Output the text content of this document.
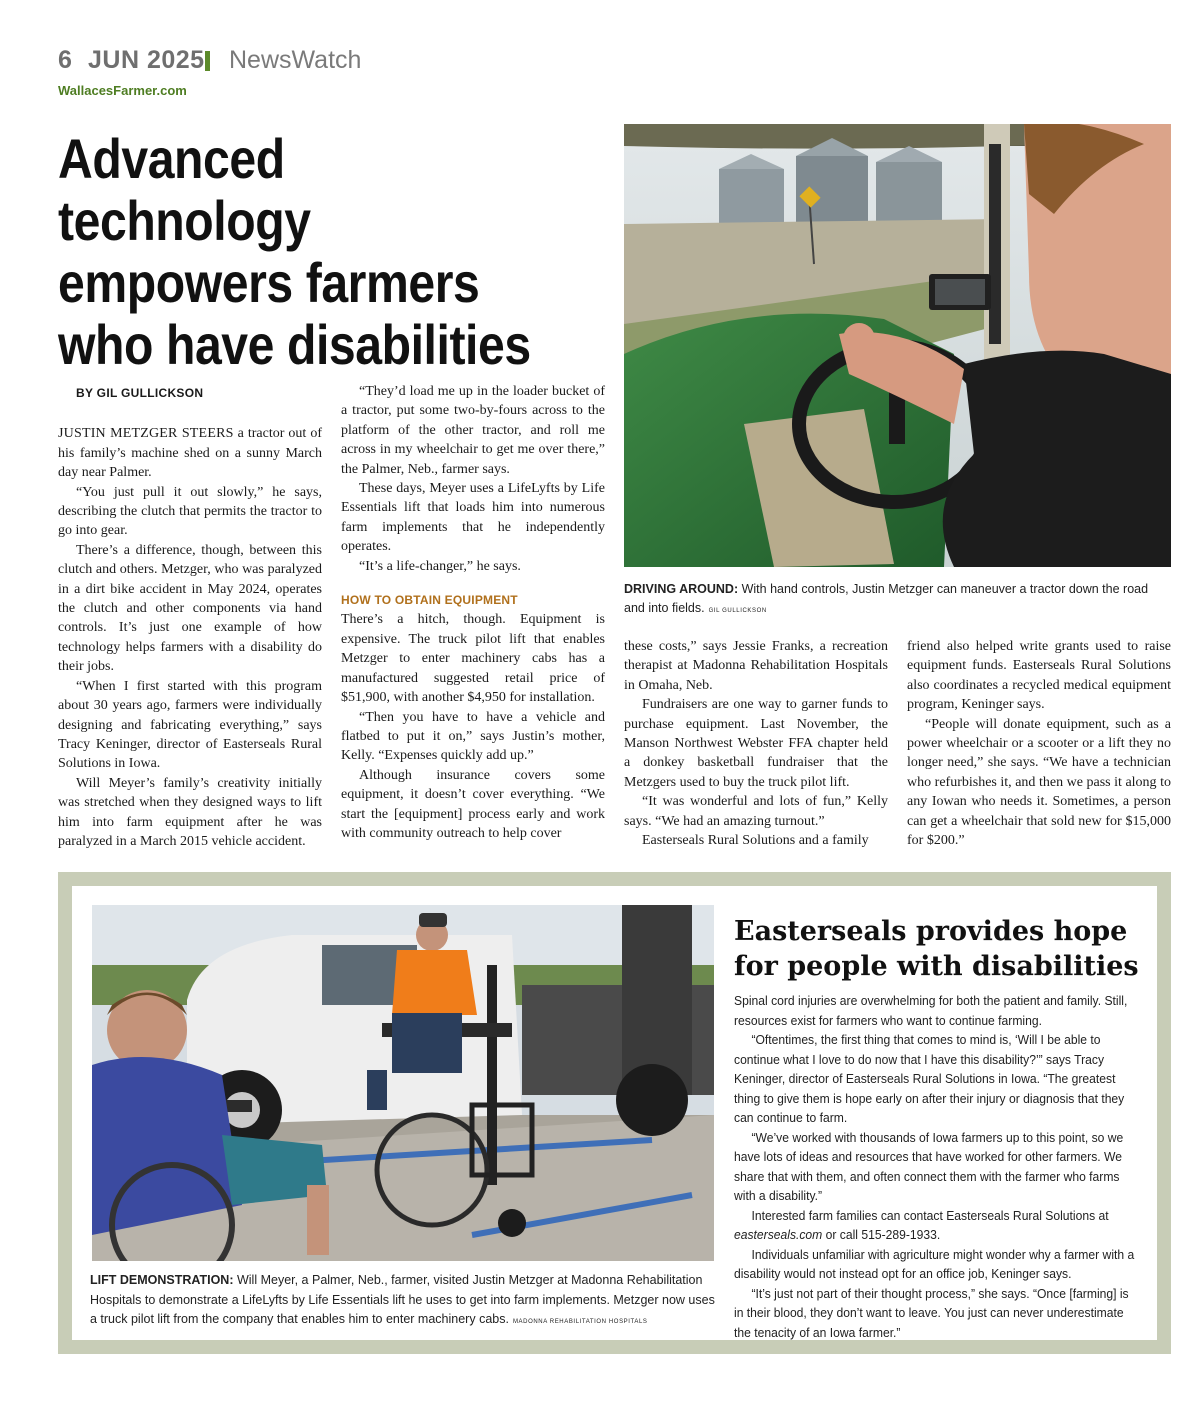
6 JUN 2025 NewsWatch
WallacesFarmer.com
Advanced technology
empowers farmers
who have disabilities
DRIVING AROUND: With hand controls, Justin Metzger can maneuver a tractor down the road and into fields. GIL GULLICKSON

BY GIL GULLICKSON

JUSTIN METZGER STEERS a tractor out of his family’s machine shed on a sunny March day near Palmer.

“You just pull it out slowly,” he says, describing the clutch that permits the tractor to go into gear.

There’s a difference, though, between this clutch and others. Metzger, who was paralyzed in a dirt bike accident in May 2024, operates the clutch and other components via hand controls. It’s just one example of how technology helps farmers with a disability do their jobs.

“When I first started with this program about 30 years ago, farmers were individually designing and fabricating everything,” says Tracy Keninger, director of Easterseals Rural Solutions in Iowa.

Will Meyer’s family’s creativity initially was stretched when they designed ways to lift him into farm equipment after he was paralyzed in a March 2015 vehicle accident.

“They’d load me up in the loader bucket of a tractor, put some two-by-fours across to the platform of the other tractor, and roll me across in my wheelchair to get me over there,” the Palmer, Neb., farmer says.

These days, Meyer uses a LifeLyfts by Life Essentials lift that loads him into numerous farm implements that he independently operates.

“It’s a life-changer,” he says.

HOW TO OBTAIN EQUIPMENT

There’s a hitch, though. Equipment is expensive. The truck pilot lift that enables Metzger to enter machinery cabs has a manufactured suggested retail price of $51,900, with another $4,950 for installation.

“Then you have to have a vehicle and flatbed to put it on,” says Justin’s mother, Kelly. “Expenses quickly add up.”

Although insurance covers some equipment, it doesn’t cover everything. “We start the [equipment] process early and work with community outreach to help cover

these costs,” says Jessie Franks, a recreation therapist at Madonna Rehabilitation Hospitals in Omaha, Neb.

Fundraisers are one way to garner funds to purchase equipment. Last November, the Manson Northwest Webster FFA chapter held a donkey basketball fundraiser that the Metzgers used to buy the truck pilot lift.

“It was wonderful and lots of fun,” Kelly says. “We had an amazing turnout.”

Easterseals Rural Solutions and a family

friend also helped write grants used to raise equipment funds. Easterseals Rural Solutions also coordinates a recycled medical equipment program, Keninger says.

“People will donate equipment, such as a power wheelchair or a scooter or a lift they no longer need,” she says. “We have a technician who refurbishes it, and then we pass it along to any Iowan who needs it. Sometimes, a person can get a wheelchair that sold new for $15,000 for $200.”

LIFT DEMONSTRATION: Will Meyer, a Palmer, Neb., farmer, visited Justin Metzger at Madonna Rehabilitation Hospitals to demonstrate a LifeLyfts by Life Essentials lift he uses to get into farm implements. Metzger now uses a truck pilot lift from the company that enables him to enter machinery cabs. MADONNA REHABILITATION HOSPITALS
Easterseals provides hope
for people with disabilities

Spinal cord injuries are overwhelming for both the patient and family. Still, resources exist for farmers who want to continue farming.

“Oftentimes, the first thing that comes to mind is, ‘Will I be able to continue what I love to do now that I have this disability?’” says Tracy Keninger, director of Easterseals Rural Solutions in Iowa. “The greatest thing to give them is hope early on after their injury or diagnosis that they can continue to farm.

“We’ve worked with thousands of Iowa farmers up to this point, so we have lots of ideas and resources that have worked for other farmers. We share that with them, and often connect them with the farmer who farms with a disability.”

Interested farm families can contact Easterseals Rural Solutions at easterseals.com or call 515-289-1933.

Individuals unfamiliar with agriculture might wonder why a farmer with a disability would not instead opt for an office job, Keninger says.

“It’s just not part of their thought process,” she says. “Once [farming] is in their blood, they don’t want to leave. You just can never underestimate the tenacity of an Iowa farmer.”
